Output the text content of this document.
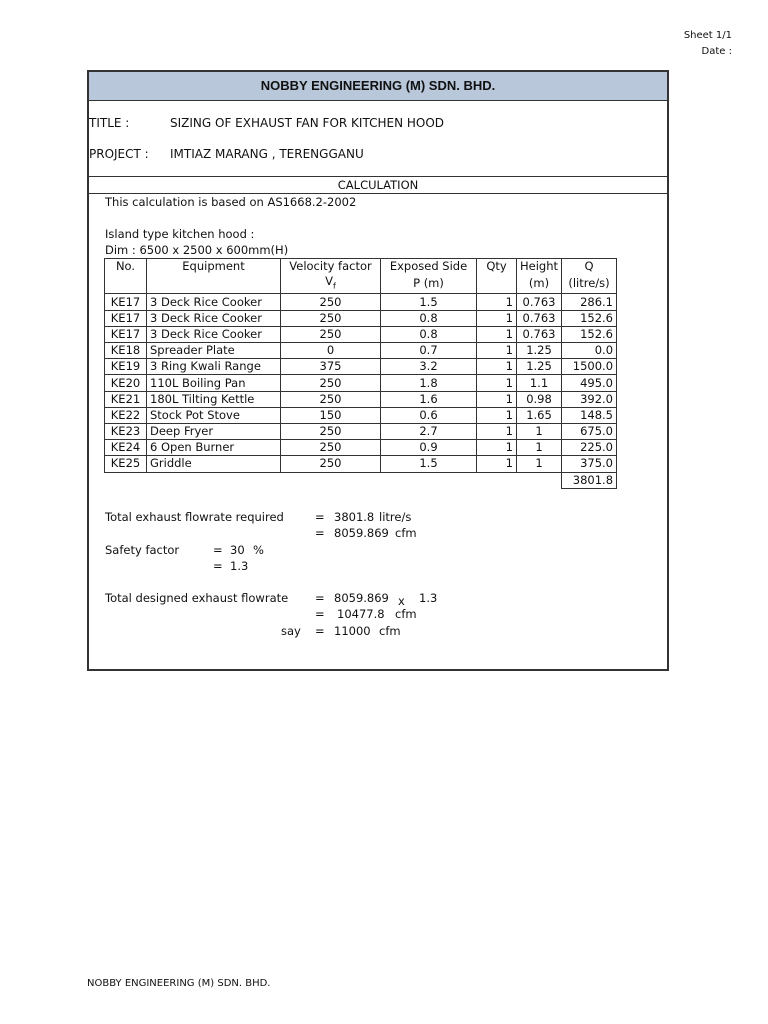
Sheet 1/1
Date :
NOBBY ENGINEERING (M) SDN. BHD.
TITLE :	SIZING OF EXHAUST FAN FOR KITCHEN HOOD
PROJECT : IMTIAZ MARANG , TERENGGANU
CALCULATION
This calculation is based on AS1668.2-2002
Island type kitchen hood :
Dim : 6500 x 2500 x 600mm(H)
No.	Equipment	Velocity factor	Exposed Side	Qty	Height	Q
		$V_f$	P (m)		(m)	(litre/s)
KE17	3 Deck Rice Cooker	250	1.5	1	0.763	286.1
KE17	3 Deck Rice Cooker	250	0.8	1	0.763	152.6
KE17	3 Deck Rice Cooker	250	0.8	1	0.763	152.6
KE18	Spreader Plate	0	0.7	1	1.25	0.0
KE19	3 Ring Kwali Range	375	3.2	1	1.25	1500.0
KE20	110L Boiling Pan	250	1.8	1	1.1	495.0
KE21	180L Tilting Kettle	250	1.6	1	0.98	392.0
KE22	Stock Pot Stove	150	0.6	1	1.65	148.5
KE23	Deep Fryer	250	2.7	1	1	675.0
KE24	6 Open Burner	250	0.9	1	1	225.0
KE25	Griddle	250	1.5	1	1	375.0
						3801.8
Total exhaust flowrate required	= 3801.8 litre/s
= 8059.869 cfm
Safety factor	= 30 %
= 1.3
Total designed exhaust flowrate = 8059.869 x 1.3
= 10477.8 cfm
say = 11000 cfm
NOBBY ENGINEERING (M) SDN. BHD.
